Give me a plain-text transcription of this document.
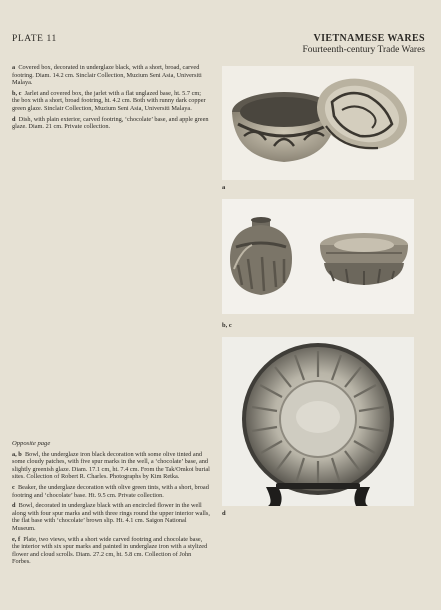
PLATE 11	VIETNAMESE WARES
Fourteenth-century Trade Wares

a Covered box, decorated in underglaze black, with a short, broad, carved footring. Diam. 14.2 cm. Sinclair Collection, Muzium Seni Asia, Universiti Malaya.

b, c Jarlet and covered box, the jarlet with a flat unglazed base, ht. 5.7 cm; the box with a short, broad footring, ht. 4.2 cm. Both with runny dark copper green glaze. Sinclair Collection, Muzium Seni Asia, Universiti Malaya.

d Dish, with plain exterior, carved footring, ‘chocolate’ base, and apple green glaze. Diam. 21 cm. Private collection.

Opposite page

a, b Bowl, the underglaze iron black decoration with some olive tinted and some cloudy patches, with five spur marks in the well, a ‘chocolate’ base, and slightly greenish glaze. Diam. 17.1 cm, ht. 7.4 cm. From the Tak/Omkoi burial sites. Collection of Robert R. Charles. Photographs by Kim Retka.

c Beaker, the underglaze decoration with olive green tints, with a short, broad footring and ‘chocolate’ base. Ht. 9.5 cm. Private collection.

d Bowl, decorated in underglaze black with an encircled flower in the well along with four spur marks and with three rings round the upper interior walls, the flat base with ‘chocolate’ brown slip. Ht. 4.1 cm. Saigon National Museum.

e, f Plate, two views, with a short wide carved footring and chocolate base, the interior with six spur marks and painted in underglaze iron with a stylized flower and cloud scrolls. Diam. 27.2 cm, ht. 5.8 cm. Collection of John Forbes.

a
b, c
d
